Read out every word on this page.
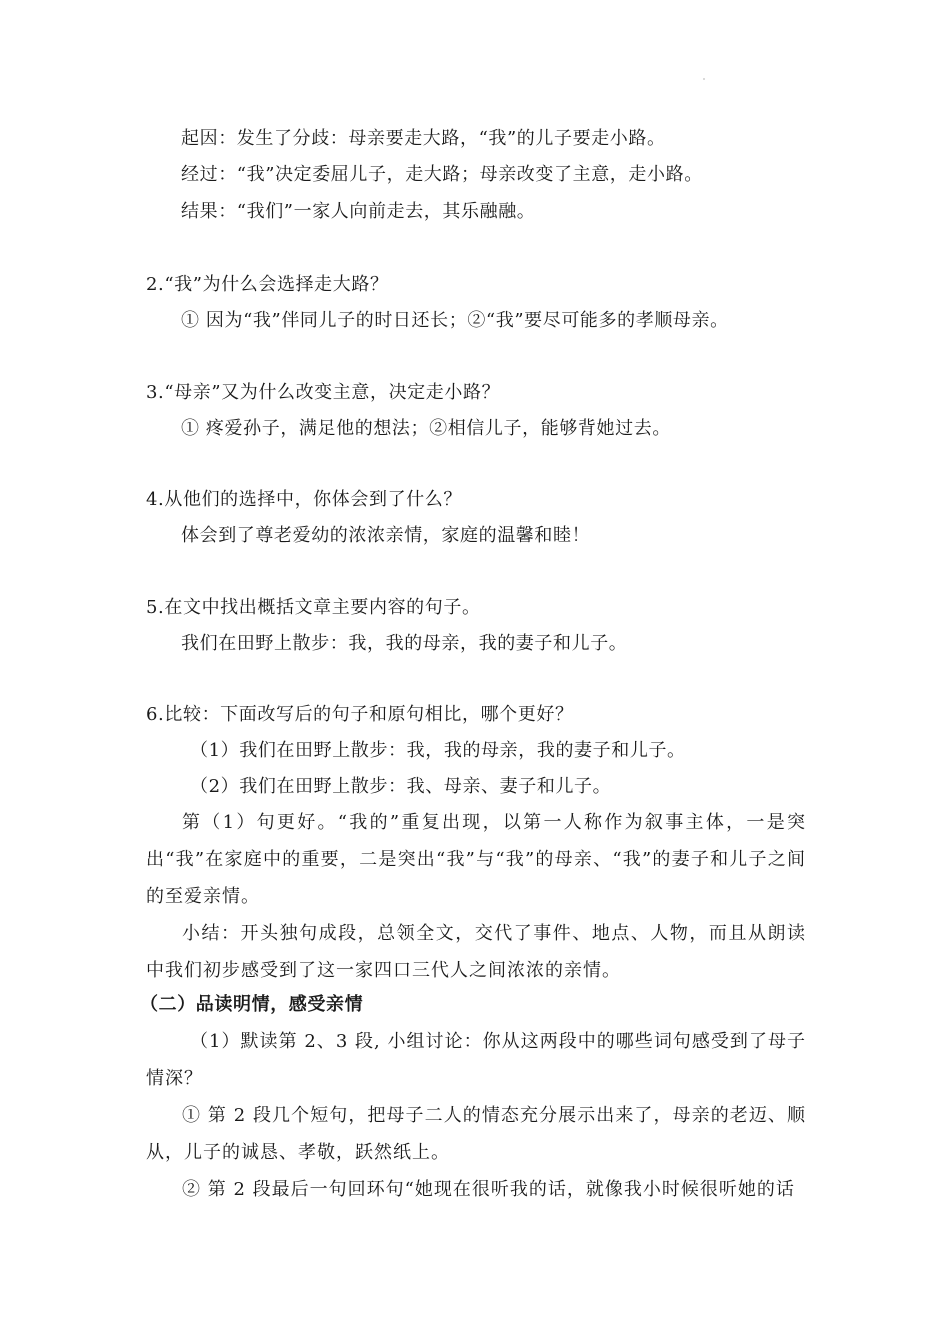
起因：发生了分歧：母亲要走大路，“我”的儿子要走小路。
经过：“我”决定委屈儿子，走大路；母亲改变了主意，走小路。
结果：“我们”一家人向前走去，其乐融融。
2.“我”为什么会选择走大路？
① 因为“我”伴同儿子的时日还长；②“我”要尽可能多的孝顺母亲。
3.“母亲”又为什么改变主意，决定走小路？
① 疼爱孙子，满足他的想法；②相信儿子，能够背她过去。
4.从他们的选择中，你体会到了什么？
体会到了尊老爱幼的浓浓亲情，家庭的温馨和睦！
5.在文中找出概括文章主要内容的句子。
我们在田野上散步：我，我的母亲，我的妻子和儿子。
6.比较：下面改写后的句子和原句相比，哪个更好？
（1）我们在田野上散步：我，我的母亲，我的妻子和儿子。
（2）我们在田野上散步：我、母亲、妻子和儿子。
第（1）句更好。“我的”重复出现，以第一人称作为叙事主体，一是突出“我”在家庭中的重要，二是突出“我”与“我”的母亲、“我”的妻子和儿子之间的至爱亲情。
小结：开头独句成段，总领全文，交代了事件、地点、人物，而且从朗读中我们初步感受到了这一家四口三代人之间浓浓的亲情。
（二）品读明情，感受亲情
（1）默读第 2、3 段, 小组讨论：你从这两段中的哪些词句感受到了母子情深？
① 第 2 段几个短句，把母子二人的情态充分展示出来了，母亲的老迈、顺从，儿子的诚恳、孝敬，跃然纸上。
② 第 2 段最后一句回环句“她现在很听我的话，就像我小时候很听她的话
